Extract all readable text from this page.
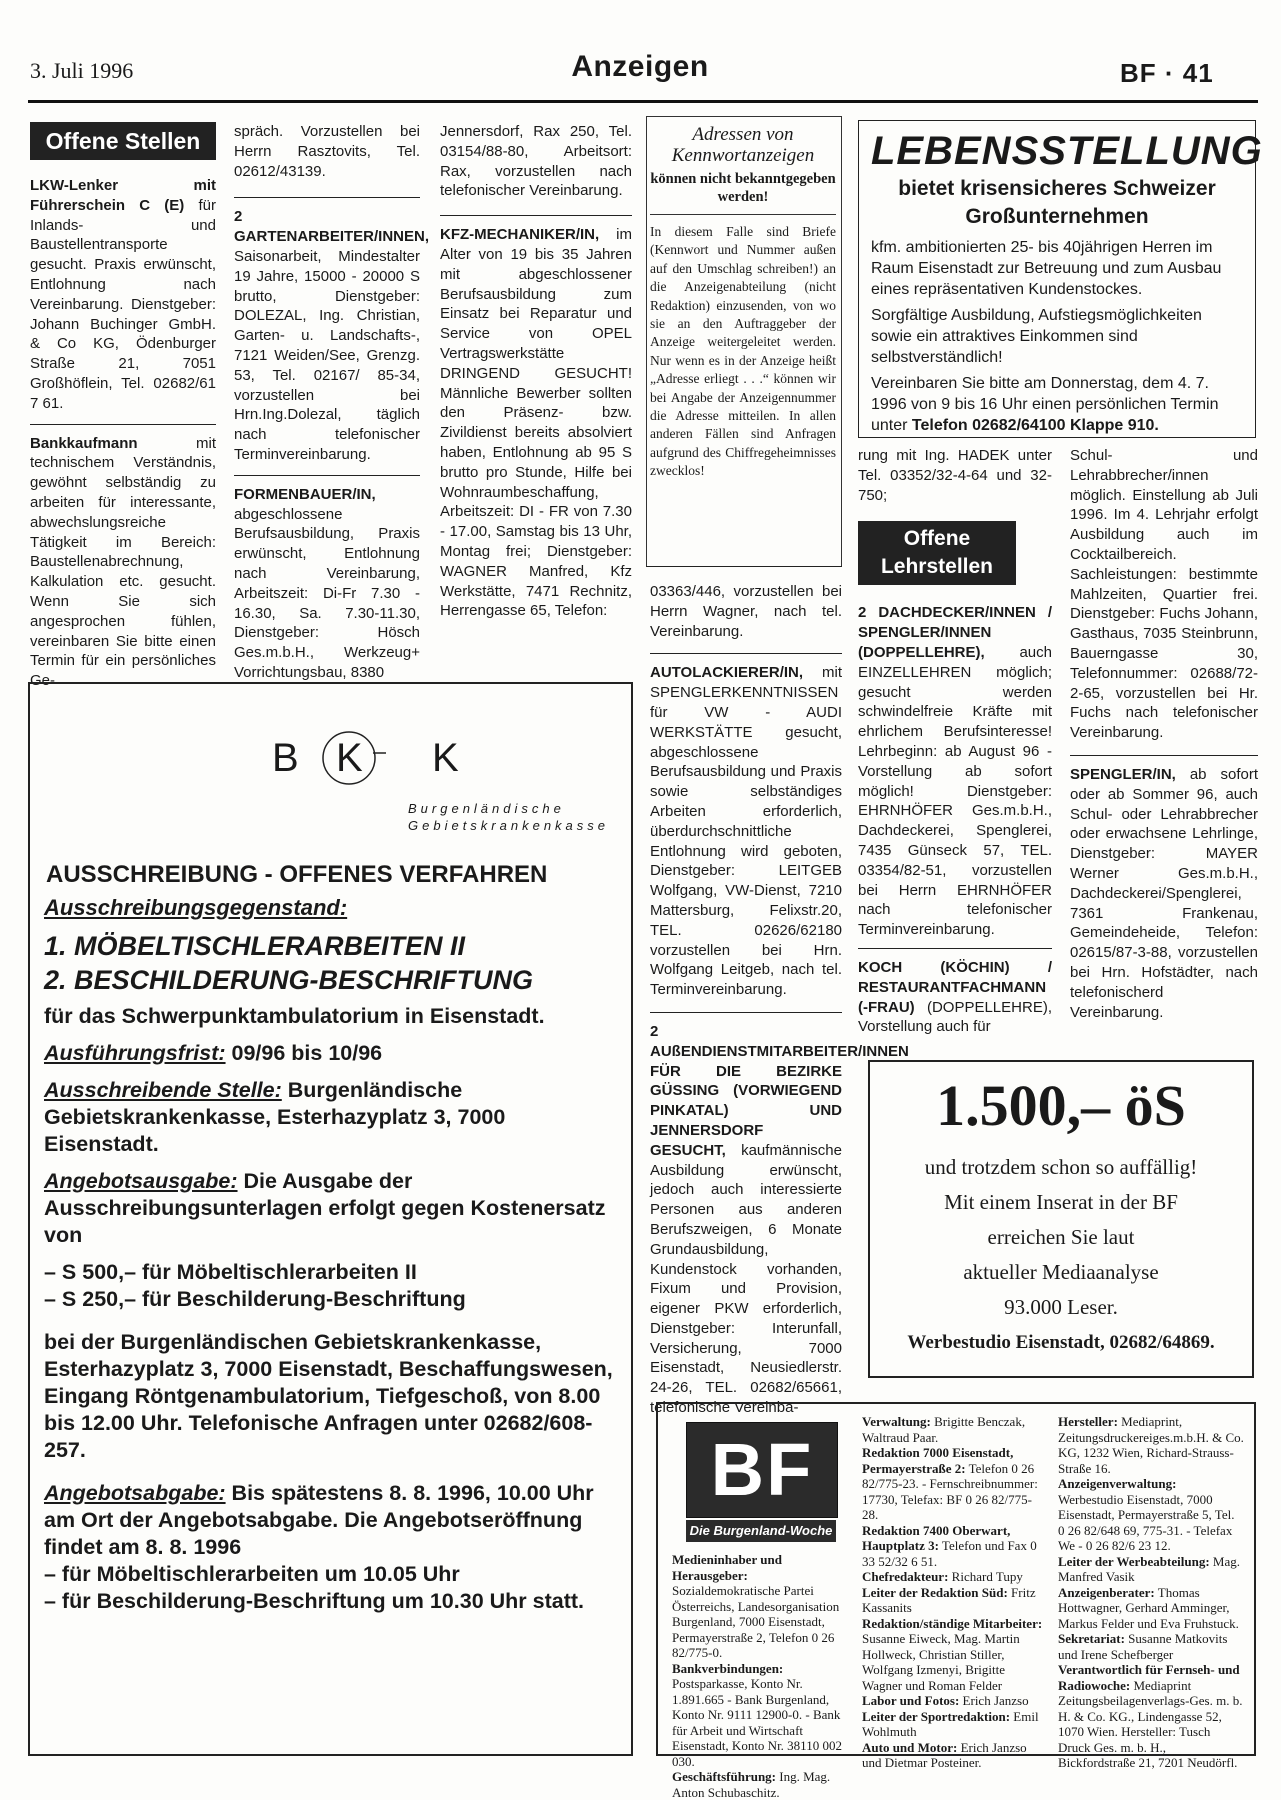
3. Juli 1996	Anzeigen	BF · 41
Offene Stellen

LKW-Lenker mit Führerschein C (E) für Inlands- und Baustellentransporte gesucht. Praxis erwünscht, Entlohnung nach Vereinbarung. Dienstgeber: Johann Buchinger GmbH. & Co KG, Ödenburger Straße 21, 7051 Großhöflein, Tel. 02682/61 7 61.

Bankkaufmann	mit technischem Verständnis, gewöhnt selbständig zu arbeiten für interessante, abwechslungsreiche Tätigkeit im Bereich: Baustellenabrechnung, Kalkulation etc. gesucht. Wenn Sie sich angesprochen fühlen, vereinbaren Sie bitte einen Termin für ein persönliches Ge-

spräch. Vorzustellen bei Herrn Rasztovits, Tel. 02612/43139.

2 GARTENARBEITER/INNEN, Saisonarbeit, Mindestalter 19 Jahre, 15000 - 20000 S brutto, Dienstgeber: DOLEZAL, Ing. Christian, Garten- u. Landschafts-, 7121 Weiden/See, Grenzg. 53, Tel. 02167/ 85-34, vorzustellen bei Hrn.Ing.Dolezal, täglich nach telefonischer Terminvereinbarung.

FORMENBAUER/IN, abgeschlossene Berufsausbildung, Praxis erwünscht, Entlohnung nach Vereinbarung, Arbeitszeit: Di-Fr 7.30 - 16.30, Sa. 7.30-11.30, Dienstgeber: Hösch Ges.m.b.H., Werkzeug+ Vorrichtungsbau, 8380

Jennersdorf, Rax 250, Tel. 03154/88-80, Arbeitsort: Rax, vorzustellen nach telefonischer Vereinbarung.

KFZ-MECHANIKER/IN, im Alter von 19 bis 35 Jahren mit abgeschlossener Berufsausbildung zum Einsatz bei Reparatur und Service von OPEL Vertragswerkstätte DRINGEND GESUCHT! Männliche Bewerber sollten den Präsenz- bzw. Zivildienst bereits absolviert haben, Entlohnung ab 95 S brutto pro Stunde, Hilfe bei Wohnraumbeschaffung, Arbeitszeit: DI - FR von 7.30 - 17.00, Samstag bis 13 Uhr, Montag frei; Dienstgeber: WAGNER Manfred, Kfz Werkstätte, 7471 Rechnitz, Herrengasse 65, Telefon:

Adressen von Kennwortanzeigen
können nicht bekanntgegeben werden!
In diesem Falle sind Briefe (Kennwort und Nummer außen auf den Umschlag schreiben!) an die Anzeigenabteilung (nicht Redaktion) einzusenden, von wo sie an den Auftraggeber der Anzeige weitergeleitet werden. Nur wenn es in der Anzeige heißt „Adresse erliegt . . .“ können wir bei Angabe der Anzeigennummer die Adresse mitteilen. In allen anderen Fällen sind Anfragen aufgrund des Chiffregeheimnisses zwecklos!

03363/446, vorzustellen bei Herrn Wagner, nach tel. Vereinbarung.

AUTOLACKIERER/IN, mit SPENGLERKENNTNISSEN für VW - AUDI WERKSTÄTTE gesucht, abgeschlossene Berufsausbildung und Praxis sowie selbständiges Arbeiten erforderlich, überdurchschnittliche Entlohnung wird geboten, Dienstgeber: LEITGEB Wolfgang, VW-Dienst, 7210 Mattersburg, Felixstr.20, TEL. 02626/62180 vorzustellen bei Hrn. Wolfgang Leitgeb, nach tel. Terminvereinbarung.

2 AUßENDIENSTMITARBEITER/INNEN FÜR DIE BEZIRKE GÜSSING (VORWIEGEND PINKATAL) UND JENNERSDORF GESUCHT, kaufmännische Ausbildung erwünscht, jedoch auch interessierte Personen aus anderen Berufszweigen, 6 Monate Grundausbildung, Kundenstock vorhanden, Fixum und Provision, eigener PKW erforderlich, Dienstgeber: Interunfall, Versicherung, 7000 Eisenstadt, Neusiedlerstr. 24-26, TEL. 02682/65661, telefonische Vereinba-

LEBENSSTELLUNG
bietet krisensicheres Schweizer Großunternehmen
kfm. ambitionierten 25- bis 40jährigen Herren im Raum Eisenstadt zur Betreuung und zum Ausbau eines repräsentativen Kundenstockes.
Sorgfältige Ausbildung, Aufstiegsmöglichkeiten sowie ein attraktives Einkommen sind selbstverständlich!
Vereinbaren Sie bitte am Donnerstag, dem 4. 7. 1996 von 9 bis 16 Uhr einen persönlichen Termin unter Telefon 02682/64100 Klappe 910.

rung mit Ing. HADEK unter Tel. 03352/32-4-64 und 32-750;

Offene
Lehrstellen

2 DACHDECKER/INNEN / SPENGLER/INNEN (DOPPELLEHRE), auch EINZELLEHREN möglich; gesucht werden schwindelfreie Kräfte mit ehrlichem Berufsinteresse! Lehrbeginn: ab August 96 - Vorstellung ab sofort möglich! Dienstgeber: EHRNHÖFER Ges.m.b.H., Dachdeckerei, Spenglerei, 7435 Günseck 57, TEL. 03354/82-51, vorzustellen bei Herrn EHRNHÖFER nach telefonischer Terminvereinbarung.

KOCH (KÖCHIN) / RESTAURANTFACHMANN (-FRAU) (DOPPELLEHRE), Vorstellung auch für

Schul- und Lehrabbrecher/innen möglich. Einstellung ab Juli 1996. Im 4. Lehrjahr erfolgt Ausbildung auch im Cocktailbereich. Sachleistungen: bestimmte Mahlzeiten, Quartier frei. Dienstgeber: Fuchs Johann, Gasthaus, 7035 Steinbrunn, Bauerngasse 30, Telefonnummer: 02688/72-2-65, vorzustellen bei Hr. Fuchs nach telefonischer Vereinbarung.

SPENGLER/IN, ab sofort oder ab Sommer 96, auch Schul- oder Lehrabbrecher oder erwachsene Lehrlinge, Dienstgeber: MAYER Werner Ges.m.b.H., Dachdeckerei/Spenglerei, 7361 Frankenau, Gemeindeheide, Telefon: 02615/87-3-88, vorzustellen bei Hrn. Hofstädter, nach telefonischerd Vereinbarung.

1.500,– öS
und trotzdem schon so auffällig!
Mit einem Inserat in der BF
erreichen Sie laut
aktueller Mediaanalyse
93.000 Leser.
Werbestudio Eisenstadt, 02682/64869.
B K K
Burgenländische
Gebietskrankenkasse
AUSSCHREIBUNG - OFFENES VERFAHREN
Ausschreibungsgegenstand:
1. MÖBELTISCHLERARBEITEN II
2. BESCHILDERUNG-BESCHRIFTUNG
für das Schwerpunktambulatorium in Eisenstadt.
Ausführungsfrist: 09/96 bis 10/96
Ausschreibende Stelle: Burgenländische Gebietskrankenkasse, Esterhazyplatz 3, 7000 Eisenstadt.
Angebotsausgabe: Die Ausgabe der Ausschreibungsunterlagen erfolgt gegen Kostenersatz von
– S 500,– für Möbeltischlerarbeiten II
– S 250,– für Beschilderung-Beschriftung
bei der Burgenländischen Gebietskrankenkasse, Esterhazyplatz 3, 7000 Eisenstadt, Beschaffungswesen, Eingang Röntgenambulatorium, Tiefgeschoß, von 8.00 bis 12.00 Uhr. Telefonische Anfragen unter 02682/608-257.
Angebotsabgabe: Bis spätestens 8. 8. 1996, 10.00 Uhr am Ort der Angebotsabgabe. Die Angebotseröffnung findet am 8. 8. 1996
– für Möbeltischlerarbeiten um 10.05 Uhr
– für Beschilderung-Beschriftung um 10.30 Uhr statt.
BF
Die Burgenland-Woche
Medieninhaber und Herausgeber: Sozialdemokratische Partei Österreichs, Landesorganisation Burgenland, 7000 Eisenstadt, Permayerstraße 2, Telefon 0 26 82/775-0.
Bankverbindungen: Postsparkasse, Konto Nr. 1.891.665 - Bank Burgenland, Konto Nr. 9111 12900-0. - Bank für Arbeit und Wirtschaft Eisenstadt, Konto Nr. 38110 002 030.
Geschäftsführung: Ing. Mag. Anton Schubaschitz.
Verwaltung: Brigitte Benczak, Waltraud Paar.
Redaktion 7000 Eisenstadt, Permayerstraße 2: Telefon 0 26 82/775-23. - Fernschreibnummer: 17730, Telefax: BF 0 26 82/775-28.
Redaktion 7400 Oberwart, Hauptplatz 3: Telefon und Fax 0 33 52/32 6 51.
Chefredakteur: Richard Tupy
Leiter der Redaktion Süd: Fritz Kassanits
Redaktion/ständige Mitarbeiter: Susanne Eiweck, Mag. Martin Hollweck, Christian Stiller, Wolfgang Izmenyi, Brigitte Wagner und Roman Felder
Labor und Fotos: Erich Janzso
Leiter der Sportredaktion: Emil Wohlmuth
Auto und Motor: Erich Janzso und Dietmar Posteiner.
Hersteller: Mediaprint, Zeitungsdruckereiges.m.b.H. & Co. KG, 1232 Wien, Richard-Strauss-Straße 16.
Anzeigenverwaltung: Werbestudio Eisenstadt, 7000 Eisenstadt, Permayerstraße 5, Tel. 0 26 82/648 69, 775-31. - Telefax We - 0 26 82/6 23 12.
Leiter der Werbeabteilung: Mag. Manfred Vasik
Anzeigenberater: Thomas Hottwagner, Gerhard Amminger, Markus Felder und Eva Fruhstuck.
Sekretariat: Susanne Matkovits und Irene Schefberger
Verantwortlich für Fernseh- und Radiowoche: Mediaprint Zeitungsbeilagenverlags-Ges. m. b. H. & Co. KG., Lindengasse 52, 1070 Wien. Hersteller: Tusch Druck Ges. m. b. H., Bickfordstraße 21, 7201 Neudörfl.
